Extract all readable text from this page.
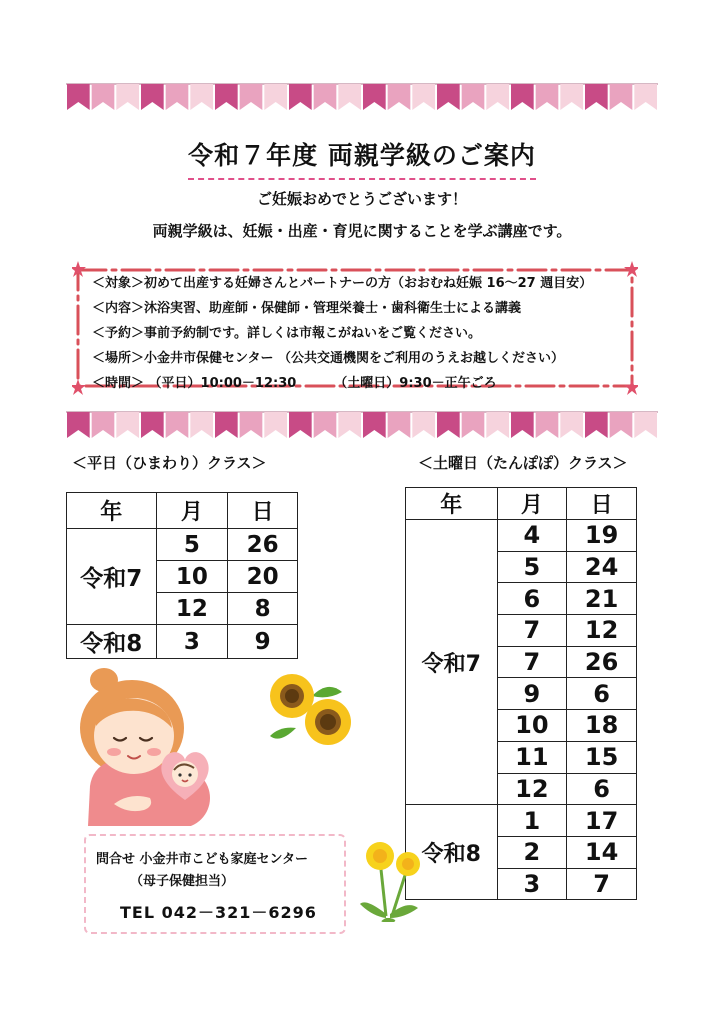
令和７年度 両親学級のご案内
ご妊娠おめでとうございます！
両親学級は、妊娠・出産・育児に関することを学ぶ講座です。
＜対象＞初めて出産する妊婦さんとパートナーの方（おおむね妊娠 16～27 週目安）
＜内容＞沐浴実習、助産師・保健師・管理栄養士・歯科衛生士による講義
＜予約＞事前予約制です。詳しくは市報こがねいをご覧ください。
＜場所＞小金井市保健センター （公共交通機関をご利用のうえお越しください）
＜時間＞ （平日）10:00－12:30	（土曜日）9:30－正午ごろ
＜平日（ひまわり）クラス＞	＜土曜日（たんぽぽ）クラス＞
年	月	日
令和7	5	26
	10	20
	12	8
令和8	3	9
年	月	日
令和7	4	19
	5	24
	6	21
	7	12
	7	26
	9	6
	10	18
	11	15
	12	6
令和8	1	17
	2	14
	3	7
問合せ 小金井市こども家庭センター
（母子保健担当）
TEL 042－321－6296
